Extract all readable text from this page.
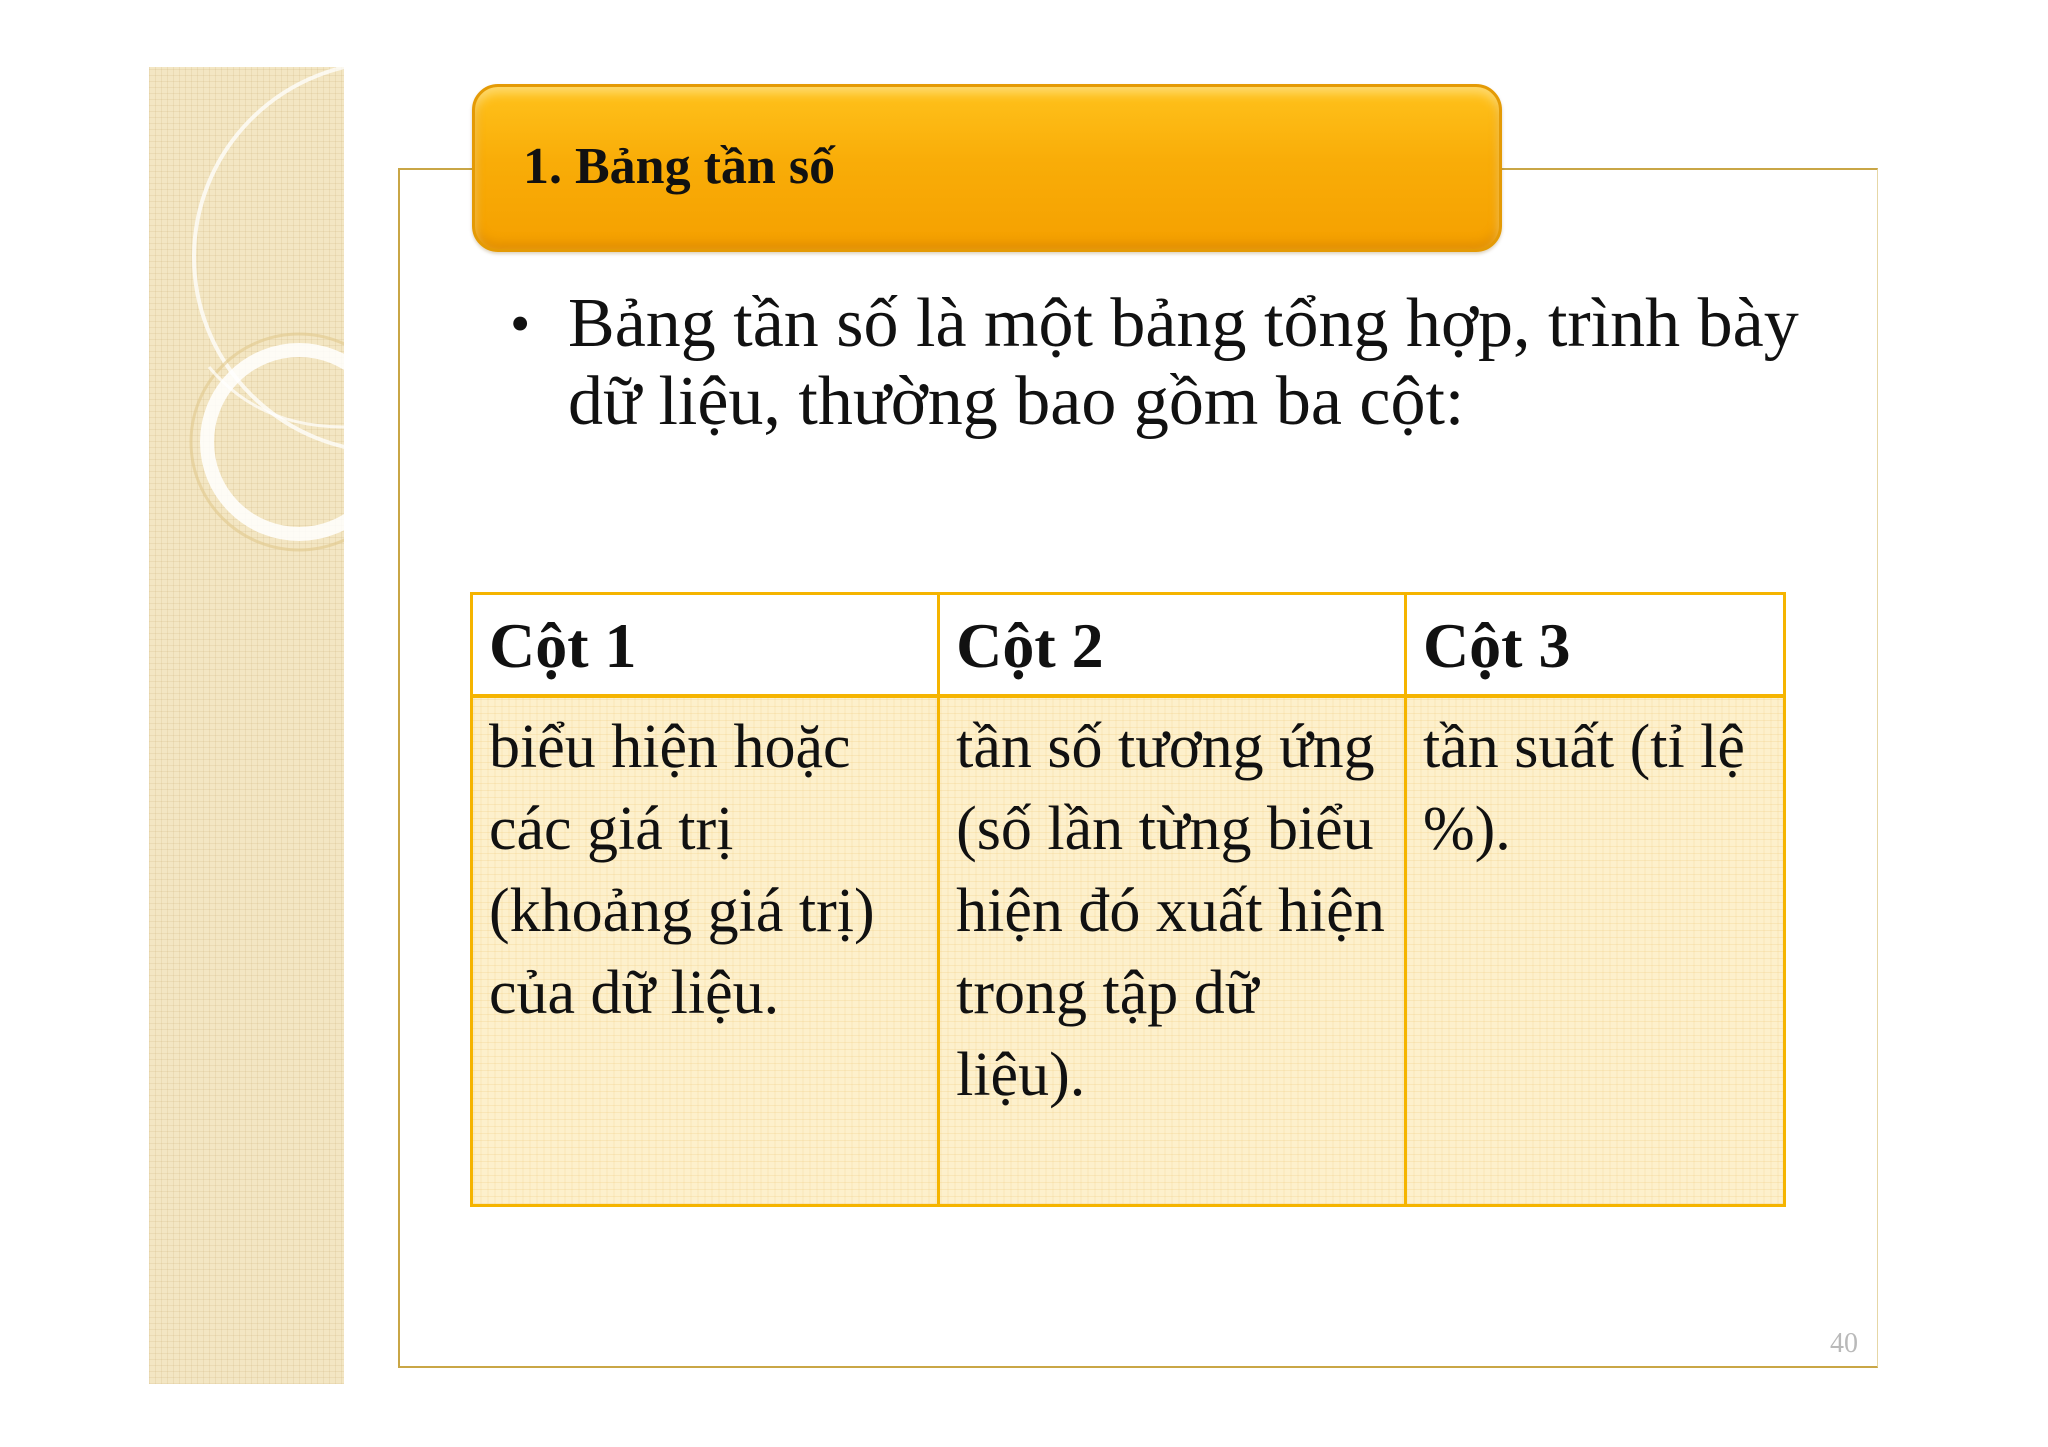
1. Bảng tần số
• Bảng tần số là một bảng tổng hợp, trình bày dữ liệu, thường bao gồm ba cột:
Cột 1	Cột 2	Cột 3
biểu hiện hoặc các giá trị (khoảng giá trị) của dữ liệu.	tần số tương ứng (số lần từng biểu hiện đó xuất hiện trong tập dữ liệu).	tần suất (tỉ lệ %).
40
